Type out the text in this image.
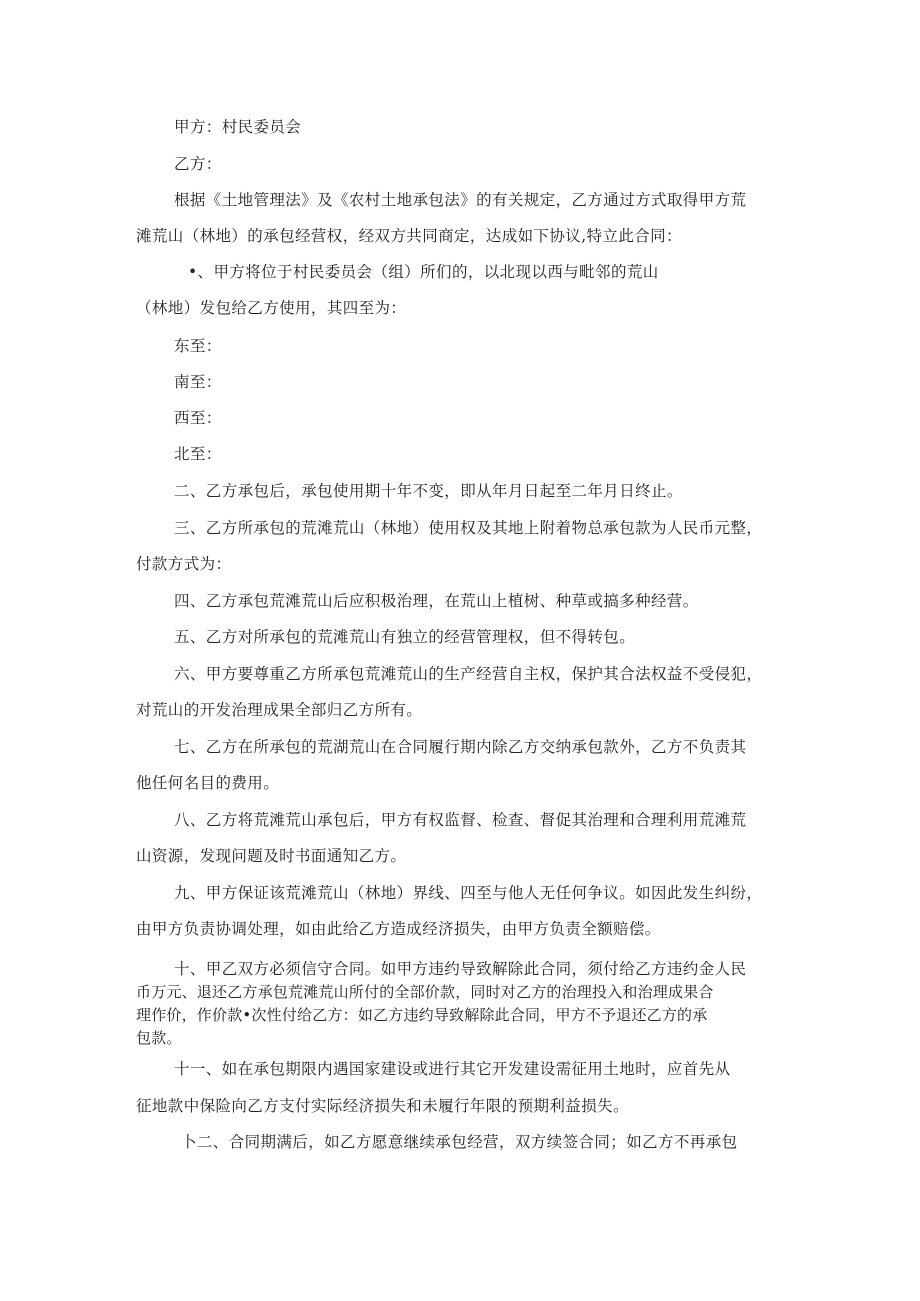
甲方：村民委员会
乙方：
根据《土地管理法》及《农村土地承包法》的有关规定，乙方通过方式取得甲方荒
滩荒山（林地）的承包经营权，经双方共同商定，达成如下协议,特立此合同：
•、甲方将位于村民委员会（组）所们的，以北现以西与毗邻的荒山
（林地）发包给乙方使用，其四至为：
东至：
南至：
西至：
北至：
二、乙方承包后，承包使用期十年不变，即从年月日起至二年月日终止。
三、乙方所承包的荒滩荒山（林地）使用权及其地上附着物总承包款为人民币元整，
付款方式为：
四、乙方承包荒滩荒山后应积极治理，在荒山上植树、种草或搞多种经营。
五、乙方对所承包的荒滩荒山有独立的经营管理权，但不得转包。
六、甲方要尊重乙方所承包荒滩荒山的生产经营自主权，保护其合法权益不受侵犯，
对荒山的开发治理成果全部归乙方所有。
七、乙方在所承包的荒湖荒山在合同履行期内除乙方交纳承包款外，乙方不负责其
他任何名目的费用。
八、乙方将荒滩荒山承包后，甲方有权监督、检查、督促其治理和合理利用荒滩荒
山资源，发现问题及时书面通知乙方。
九、甲方保证该荒滩荒山（林地）界线、四至与他人无任何争议。如因此发生纠纷，
由甲方负责协调处理，如由此给乙方造成经济损失，由甲方负责全额赔偿。
十、甲乙双方必须信守合同。如甲方违约导致解除此合同，须付给乙方违约金人民
币万元、退还乙方承包荒滩荒山所付的全部价款，同时对乙方的治理投入和治理成果合
理作价，作价款•次性付给乙方：如乙方违约导致解除此合同，甲方不予退还乙方的承
包款。
十一、如在承包期限内遇国家建设或进行其它开发建设需征用土地时，应首先从
征地款中保险向乙方支付实际经济损失和未履行年限的预期利益损失。
卜二、合同期满后，如乙方愿意继续承包经营，双方续签合同；如乙方不再承包
